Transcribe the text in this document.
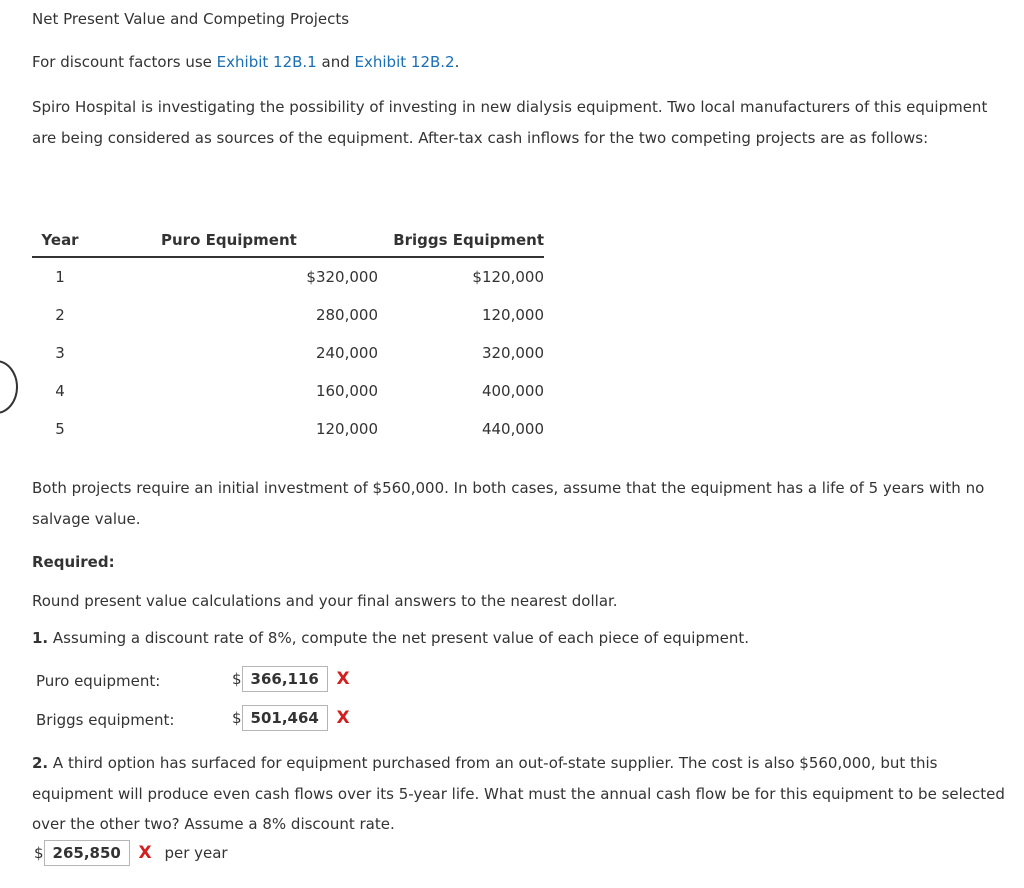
Net Present Value and Competing Projects
For discount factors use Exhibit 12B.1 and Exhibit 12B.2.
Spiro Hospital is investigating the possibility of investing in new dialysis equipment. Two local manufacturers of this equipment are being considered as sources of the equipment. After-tax cash inflows for the two competing projects are as follows:
Year	Puro Equipment	Briggs Equipment
1	$320,000	$120,000
2	280,000	120,000
3	240,000	320,000
4	160,000	400,000
5	120,000	440,000
Both projects require an initial investment of $560,000. In both cases, assume that the equipment has a life of 5 years with no salvage value.
Required:
Round present value calculations and your final answers to the nearest dollar.
1. Assuming a discount rate of 8%, compute the net present value of each piece of equipment.
Puro equipment:	$ 366,116 X
Briggs equipment:	$ 501,464 X
2. A third option has surfaced for equipment purchased from an out-of-state supplier. The cost is also $560,000, but this equipment will produce even cash flows over its 5-year life. What must the annual cash flow be for this equipment to be selected over the other two? Assume a 8% discount rate.
$ 265,850 X per year
